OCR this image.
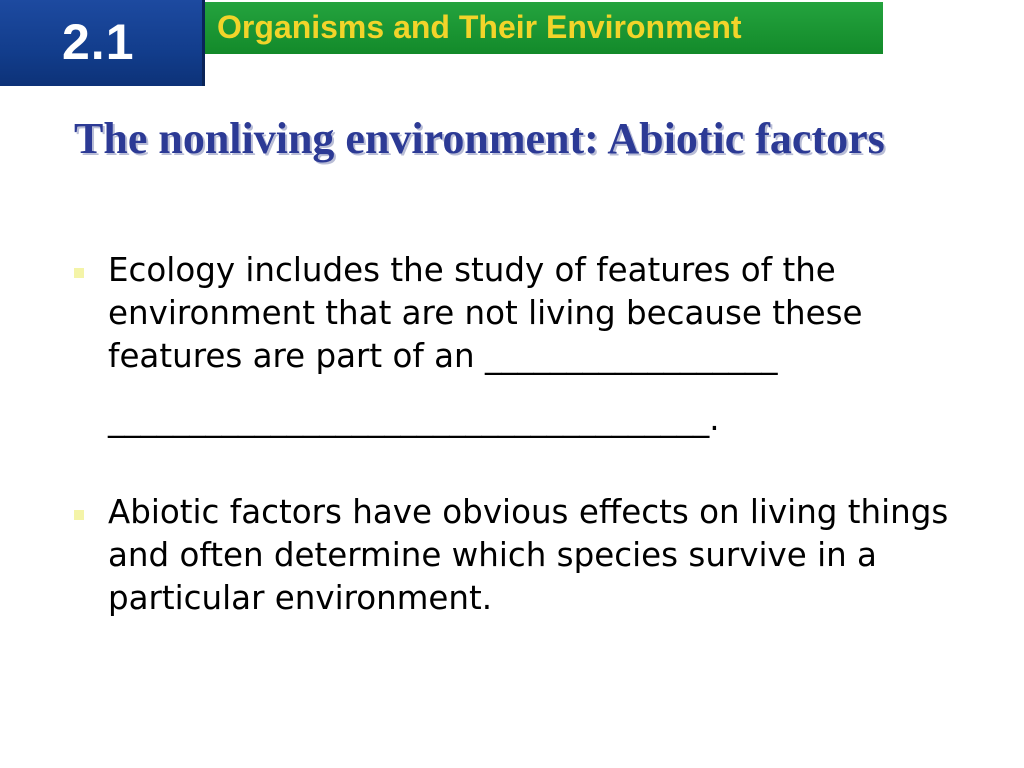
2.1	Organisms and Their Environment
The nonliving environment: Abiotic factors
Ecology includes the study of features of the environment that are not living because these features are part of an __________________
_____________________________________.
Abiotic factors have obvious effects on living things and often determine which species survive in a particular environment.
